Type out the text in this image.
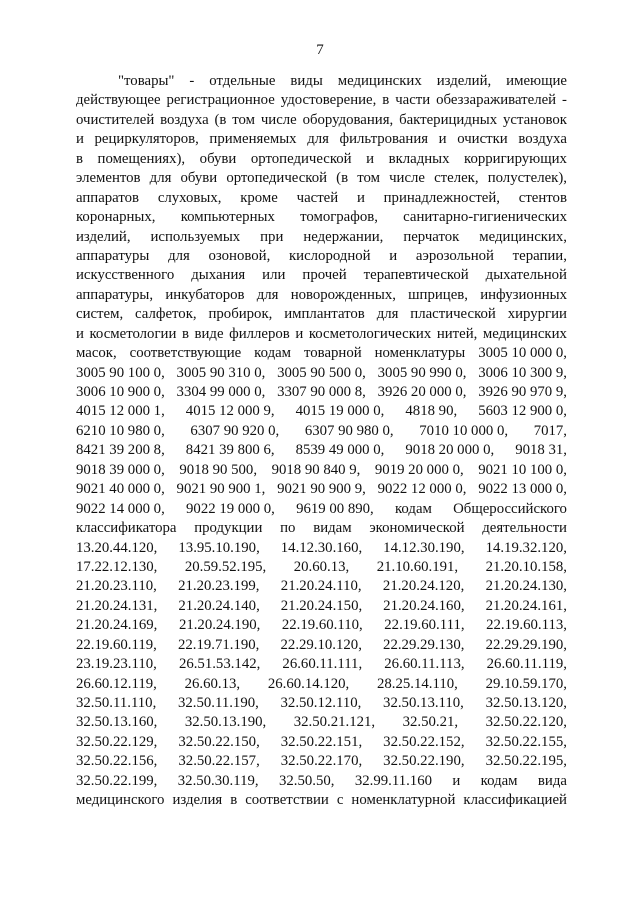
7
"товары" - отдельные виды медицинских изделий, имеющие
действующее регистрационное удостоверение, в части обеззараживателей -
очистителей воздуха (в том числе оборудования, бактерицидных установок
и рециркуляторов, применяемых для фильтрования и очистки воздуха
в помещениях), обуви ортопедической и вкладных корригирующих
элементов для обуви ортопедической (в том числе стелек, полустелек),
аппаратов слуховых, кроме частей и принадлежностей, стентов
коронарных, компьютерных томографов, санитарно-гигиенических
изделий, используемых при недержании, перчаток медицинских,
аппаратуры для озоновой, кислородной и аэрозольной терапии,
искусственного дыхания или прочей терапевтической дыхательной
аппаратуры, инкубаторов для новорожденных, шприцев, инфузионных
систем, салфеток, пробирок, имплантатов для пластической хирургии
и косметологии в виде филлеров и косметологических нитей, медицинских
масок, соответствующие кодам товарной номенклатуры 3005 10 000 0,
3005 90 100 0, 3005 90 310 0, 3005 90 500 0, 3005 90 990 0, 3006 10 300 9,
3006 10 900 0, 3304 99 000 0, 3307 90 000 8, 3926 20 000 0, 3926 90 970 9,
4015 12 000 1, 4015 12 000 9, 4015 19 000 0, 4818 90, 5603 12 900 0,
6210 10 980 0, 6307 90 920 0, 6307 90 980 0, 7010 10 000 0, 7017,
8421 39 200 8, 8421 39 800 6, 8539 49 000 0, 9018 20 000 0, 9018 31,
9018 39 000 0, 9018 90 500, 9018 90 840 9, 9019 20 000 0, 9021 10 100 0,
9021 40 000 0, 9021 90 900 1, 9021 90 900 9, 9022 12 000 0, 9022 13 000 0,
9022 14 000 0, 9022 19 000 0, 9619 00 890, кодам Общероссийского
классификатора продукции по видам экономической деятельности
13.20.44.120, 13.95.10.190, 14.12.30.160, 14.12.30.190, 14.19.32.120,
17.22.12.130, 20.59.52.195, 20.60.13, 21.10.60.191, 21.20.10.158,
21.20.23.110, 21.20.23.199, 21.20.24.110, 21.20.24.120, 21.20.24.130,
21.20.24.131, 21.20.24.140, 21.20.24.150, 21.20.24.160, 21.20.24.161,
21.20.24.169, 21.20.24.190, 22.19.60.110, 22.19.60.111, 22.19.60.113,
22.19.60.119, 22.19.71.190, 22.29.10.120, 22.29.29.130, 22.29.29.190,
23.19.23.110, 26.51.53.142, 26.60.11.111, 26.60.11.113, 26.60.11.119,
26.60.12.119, 26.60.13, 26.60.14.120, 28.25.14.110, 29.10.59.170,
32.50.11.110, 32.50.11.190, 32.50.12.110, 32.50.13.110, 32.50.13.120,
32.50.13.160, 32.50.13.190, 32.50.21.121, 32.50.21, 32.50.22.120,
32.50.22.129, 32.50.22.150, 32.50.22.151, 32.50.22.152, 32.50.22.155,
32.50.22.156, 32.50.22.157, 32.50.22.170, 32.50.22.190, 32.50.22.195,
32.50.22.199, 32.50.30.119, 32.50.50, 32.99.11.160 и кодам вида
медицинского изделия в соответствии с номенклатурной классификацией
